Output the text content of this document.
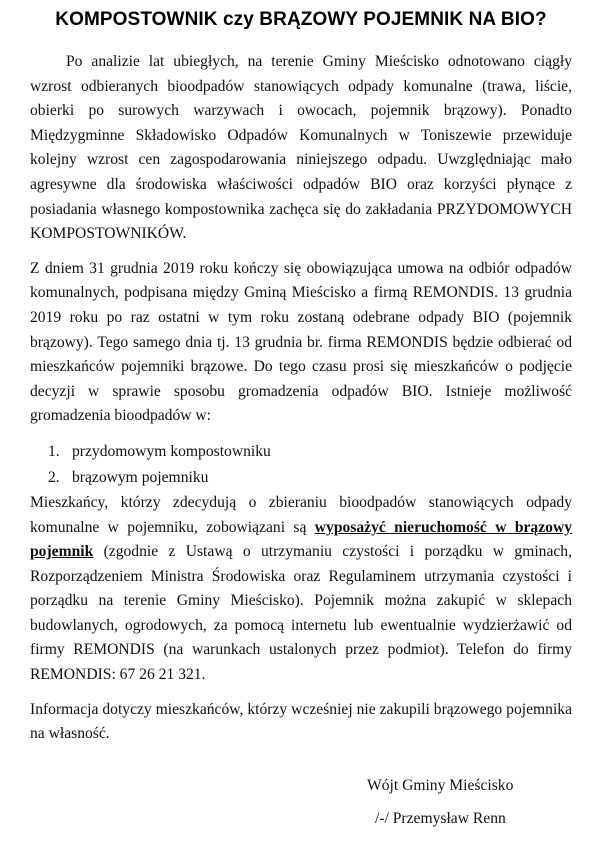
KOMPOSTOWNIK czy BRĄZOWY POJEMNIK NA BIO?

Po analizie lat ubiegłych, na terenie Gminy Mieścisko odnotowano ciągły wzrost odbieranych bioodpadów stanowiących odpady komunalne (trawa, liście, obierki po surowych warzywach i owocach, pojemnik brązowy). Ponadto Międzygminne Składowisko Odpadów Komunalnych w Toniszewie przewiduje kolejny wzrost cen zagospodarowania niniejszego odpadu. Uwzględniając mało agresywne dla środowiska właściwości odpadów BIO oraz korzyści płynące z posiadania własnego kompostownika zachęca się do zakładania PRZYDOMOWYCH KOMPOSTOWNIKÓW.

Z dniem 31 grudnia 2019 roku kończy się obowiązująca umowa na odbiór odpadów komunalnych, podpisana między Gminą Mieścisko a firmą REMONDIS. 13 grudnia 2019 roku po raz ostatni w tym roku zostaną odebrane odpady BIO (pojemnik brązowy). Tego samego dnia tj. 13 grudnia br. firma REMONDIS będzie odbierać od mieszkańców pojemniki brązowe. Do tego czasu prosi się mieszkańców o podjęcie decyzji w sprawie sposobu gromadzenia odpadów BIO. Istnieje możliwość gromadzenia bioodpadów w:

1. przydomowym kompostowniku
2. brązowym pojemniku

Mieszkańcy, którzy zdecydują o zbieraniu bioodpadów stanowiących odpady komunalne w pojemniku, zobowiązani są wyposażyć nieruchomość w brązowy pojemnik (zgodnie z Ustawą o utrzymaniu czystości i porządku w gminach, Rozporządzeniem Ministra Środowiska oraz Regulaminem utrzymania czystości i porządku na terenie Gminy Mieścisko). Pojemnik można zakupić w sklepach budowlanych, ogrodowych, za pomocą internetu lub ewentualnie wydzierżawić od firmy REMONDIS (na warunkach ustalonych przez podmiot). Telefon do firmy REMONDIS: 67 26 21 321.

Informacja dotyczy mieszkańców, którzy wcześniej nie zakupili brązowego pojemnika na własność.

Wójt Gminy Mieścisko
/-/ Przemysław Renn
